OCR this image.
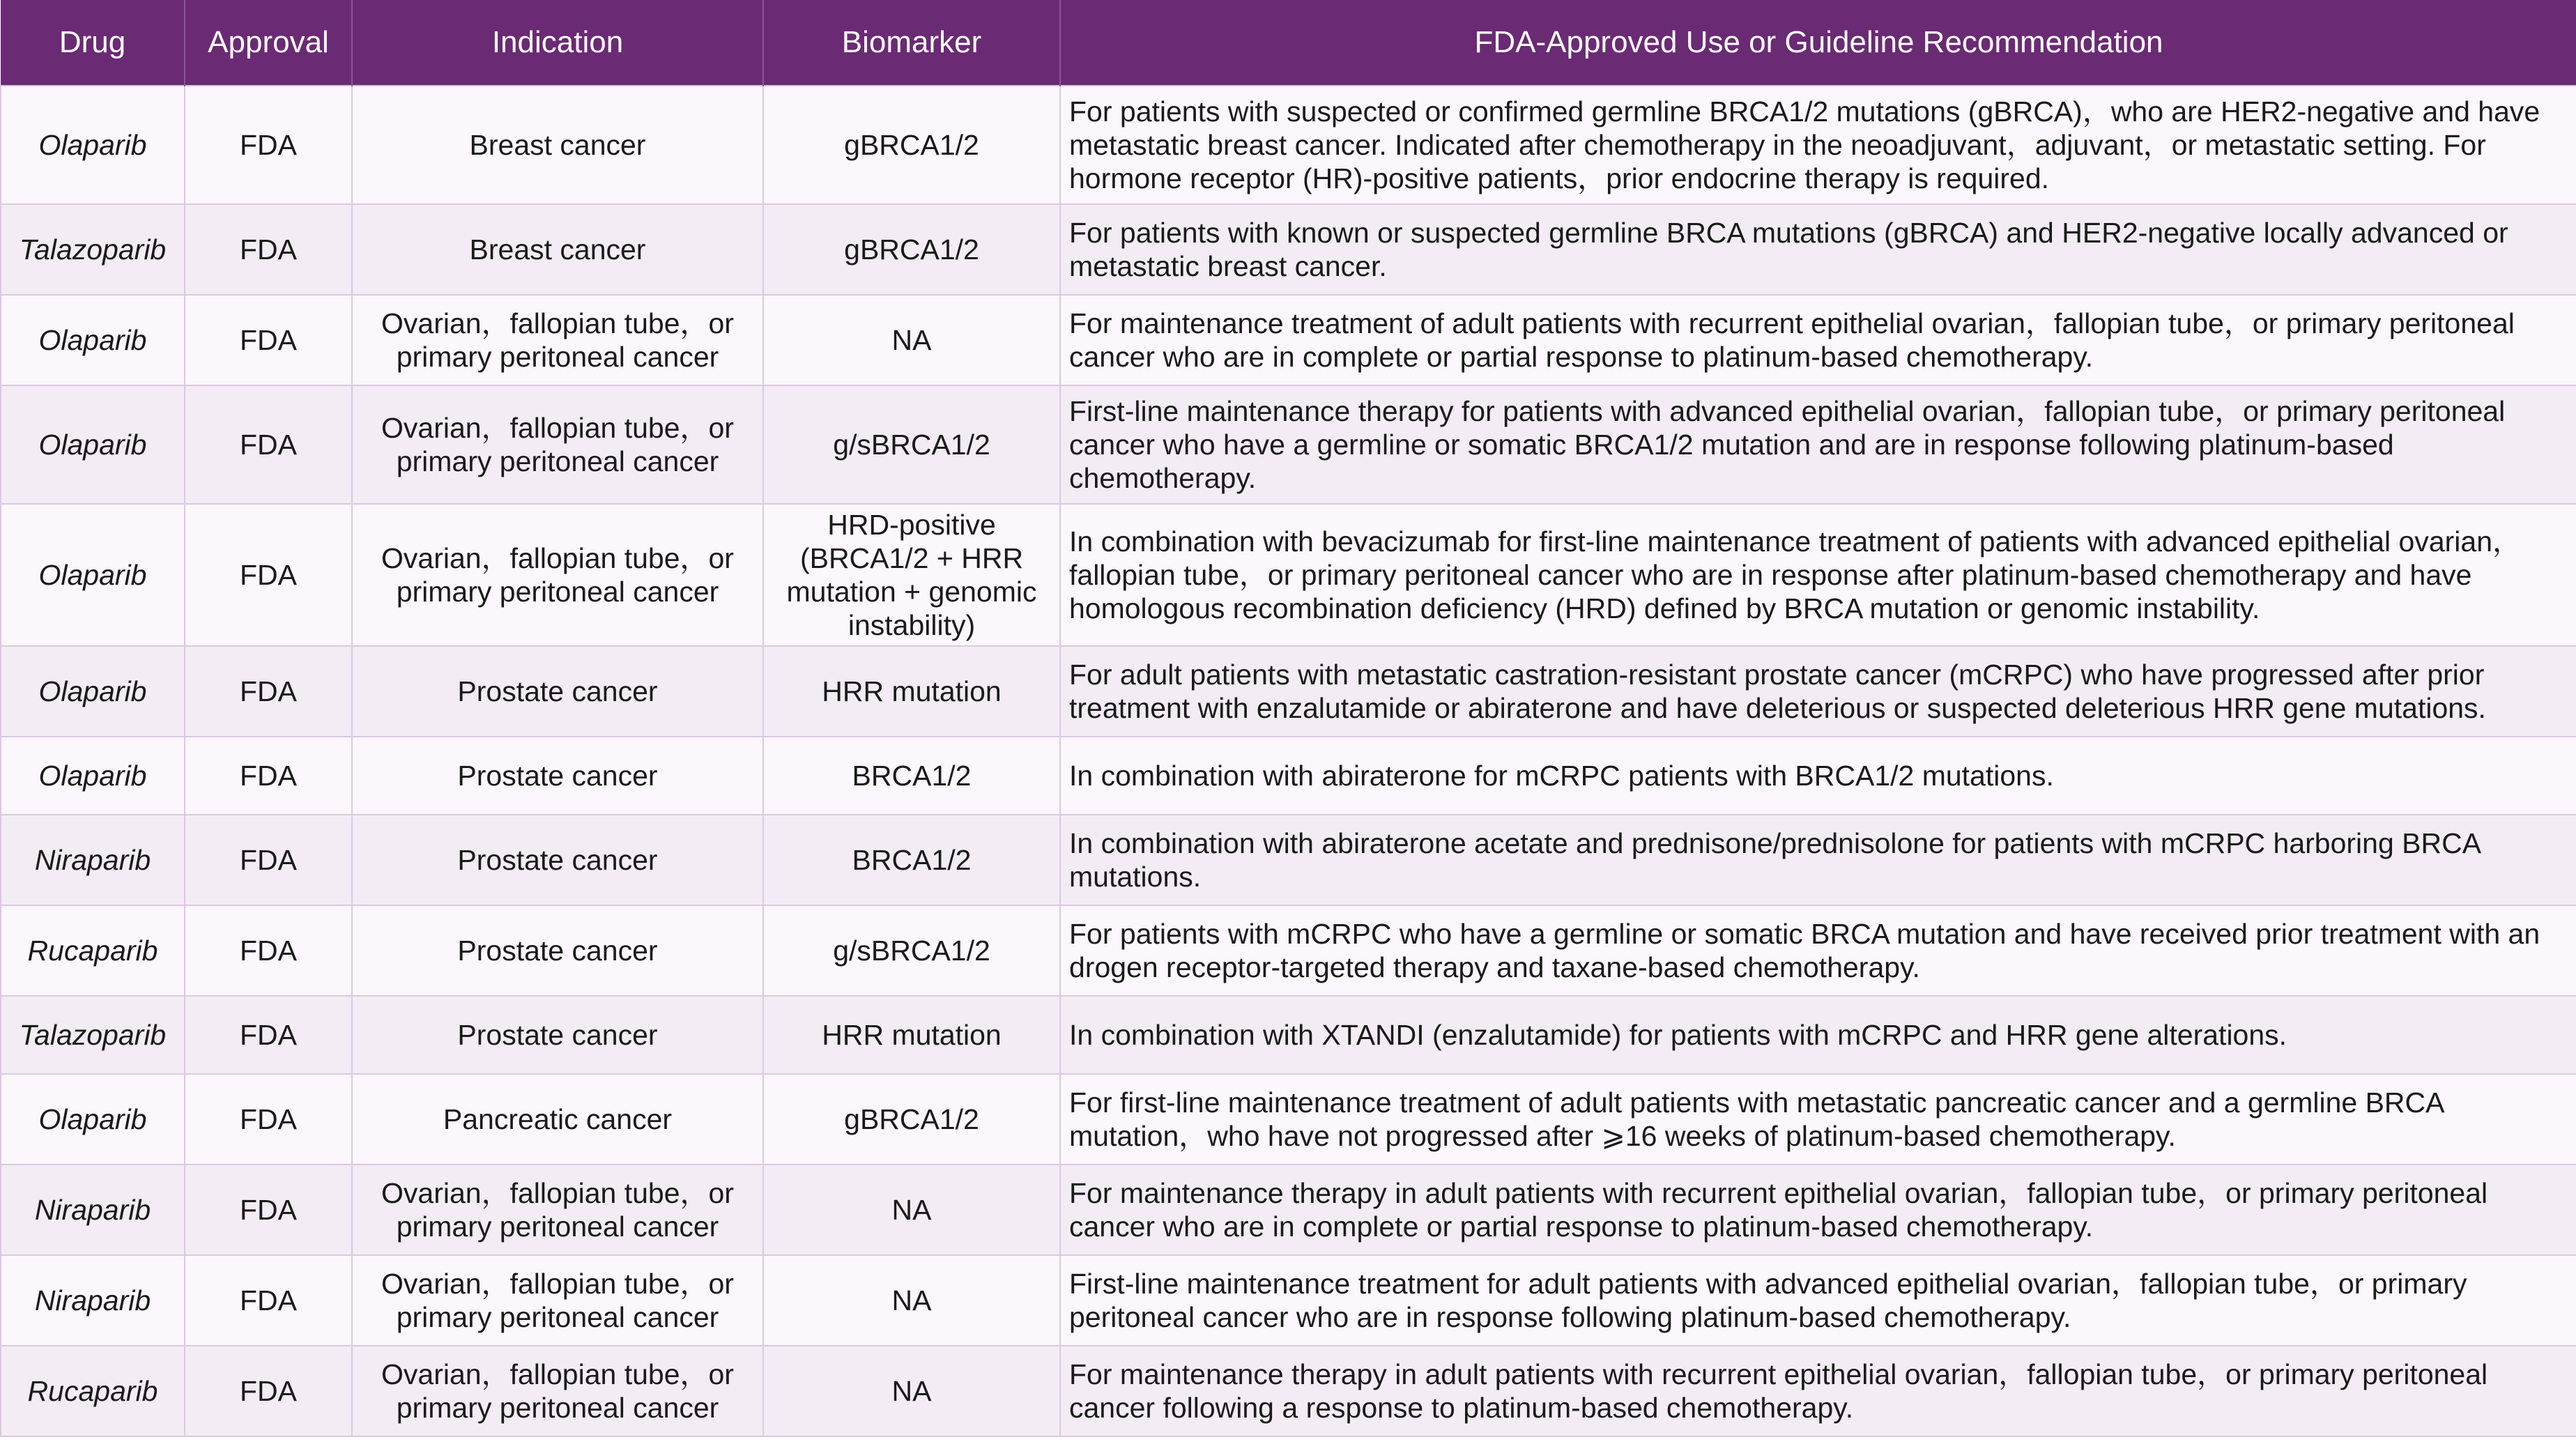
Drug	Approval	Indication	Biomarker	FDA-Approved Use or Guideline Recommendation
Olaparib	FDA	Breast cancer	gBRCA1/2	For patients with suspected or confirmed germline BRCA1/2 mutations (gBRCA)，who are HER2-negative and have metastatic breast cancer. Indicated after chemotherapy in the neoadjuvant，adjuvant，or metastatic setting. For hormone receptor (HR)-positive patients，prior endocrine therapy is required.
Talazoparib	FDA	Breast cancer	gBRCA1/2	For patients with known or suspected germline BRCA mutations (gBRCA) and HER2-negative locally advanced or metastatic breast cancer.
Olaparib	FDA	Ovarian，fallopian tube，or primary peritoneal cancer	NA	For maintenance treatment of adult patients with recurrent epithelial ovarian，fallopian tube，or primary peritoneal cancer who are in complete or partial response to platinum-based chemotherapy.
Olaparib	FDA	Ovarian，fallopian tube，or primary peritoneal cancer	g/sBRCA1/2	First-line maintenance therapy for patients with advanced epithelial ovarian，fallopian tube，or primary peritoneal cancer who have a germline or somatic BRCA1/2 mutation and are in response following platinum-based chemotherapy.
Olaparib	FDA	Ovarian，fallopian tube，or primary peritoneal cancer	HRD-positive (BRCA1/2 + HRR mutation + genomic instability)	In combination with bevacizumab for first-line maintenance treatment of patients with advanced epithelial ovarian，fallopian tube，or primary peritoneal cancer who are in response after platinum-based chemotherapy and have homologous recombination deficiency (HRD) defined by BRCA mutation or genomic instability.
Olaparib	FDA	Prostate cancer	HRR mutation	For adult patients with metastatic castration-resistant prostate cancer (mCRPC) who have progressed after prior treatment with enzalutamide or abiraterone and have deleterious or suspected deleterious HRR gene mutations.
Olaparib	FDA	Prostate cancer	BRCA1/2	In combination with abiraterone for mCRPC patients with BRCA1/2 mutations.
Niraparib	FDA	Prostate cancer	BRCA1/2	In combination with abiraterone acetate and prednisone/prednisolone for patients with mCRPC harboring BRCA mutations.
Rucaparib	FDA	Prostate cancer	g/sBRCA1/2	For patients with mCRPC who have a germline or somatic BRCA mutation and have received prior treatment with an drogen receptor-targeted therapy and taxane-based chemotherapy.
Talazoparib	FDA	Prostate cancer	HRR mutation	In combination with XTANDI (enzalutamide) for patients with mCRPC and HRR gene alterations.
Olaparib	FDA	Pancreatic cancer	gBRCA1/2	For first-line maintenance treatment of adult patients with metastatic pancreatic cancer and a germline BRCA mutation，who have not progressed after ⩾16 weeks of platinum-based chemotherapy.
Niraparib	FDA	Ovarian，fallopian tube，or primary peritoneal cancer	NA	For maintenance therapy in adult patients with recurrent epithelial ovarian，fallopian tube，or primary peritoneal cancer who are in complete or partial response to platinum-based chemotherapy.
Niraparib	FDA	Ovarian，fallopian tube，or primary peritoneal cancer	NA	First-line maintenance treatment for adult patients with advanced epithelial ovarian，fallopian tube，or primary peritoneal cancer who are in response following platinum-based chemotherapy.
Rucaparib	FDA	Ovarian，fallopian tube，or primary peritoneal cancer	NA	For maintenance therapy in adult patients with recurrent epithelial ovarian，fallopian tube，or primary peritoneal cancer following a response to platinum-based chemotherapy.
